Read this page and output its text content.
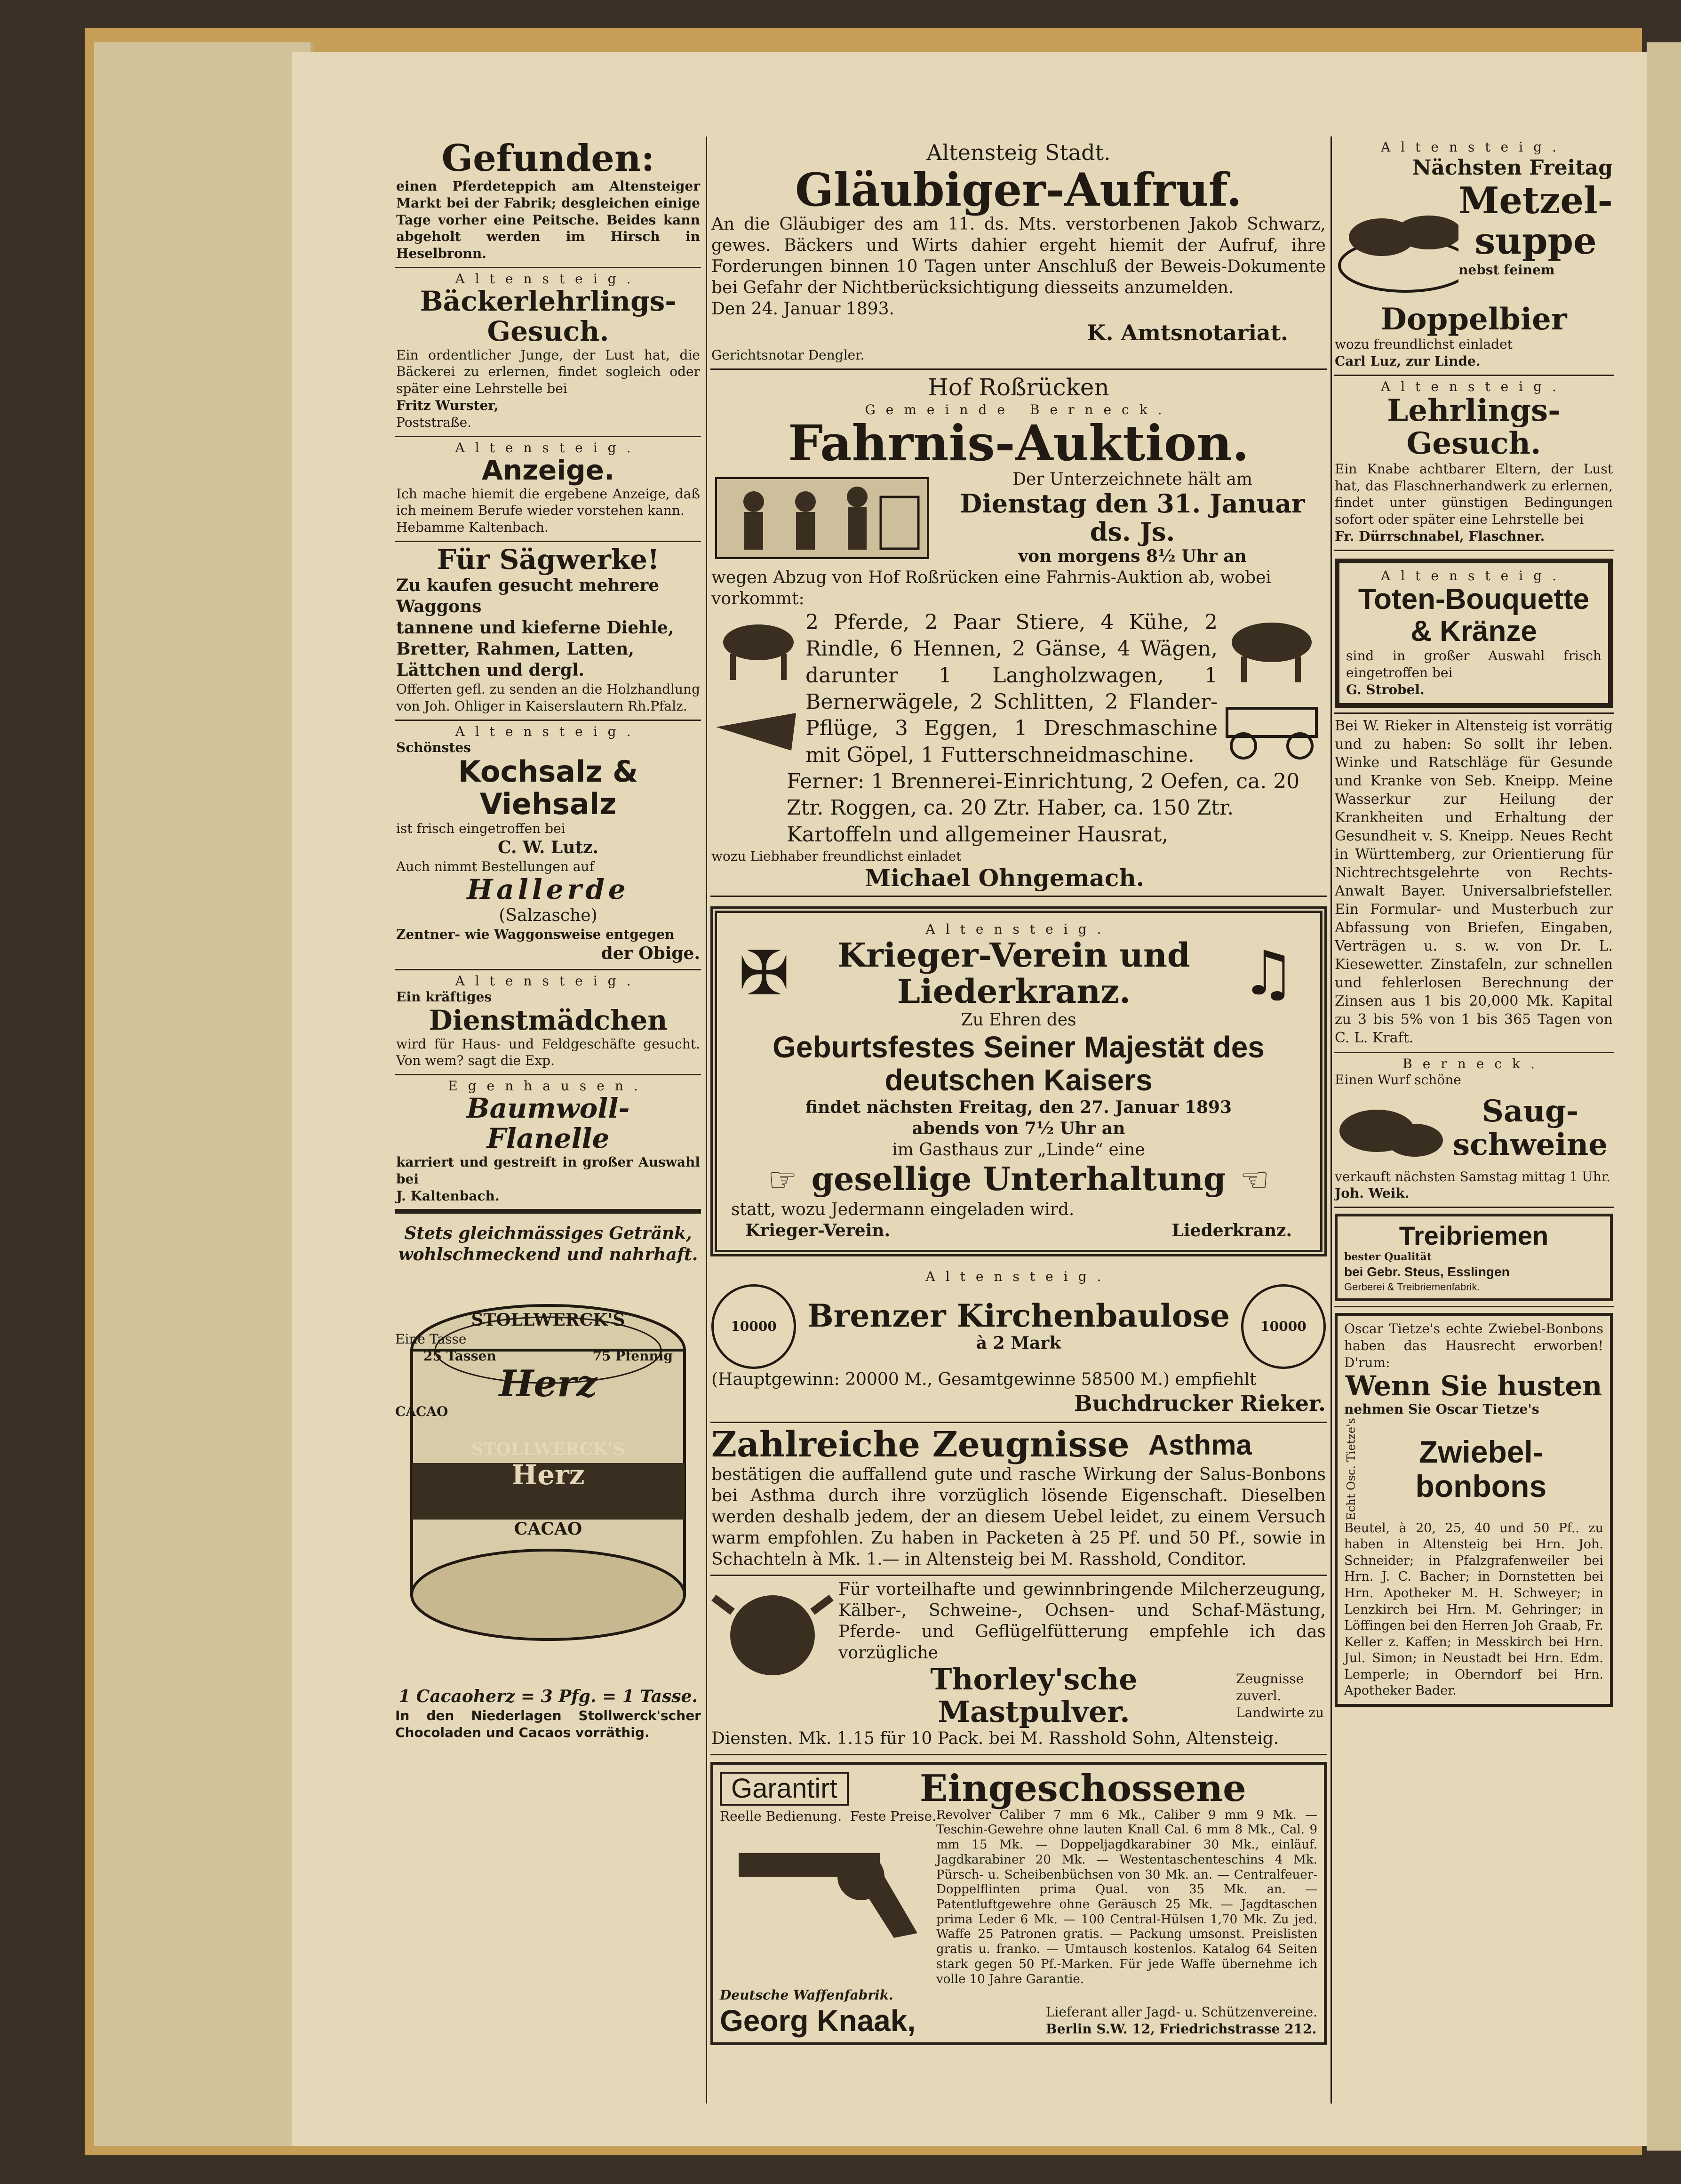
Gefunden:

einen Pferdeteppich am Altensteiger Markt bei der Fabrik; desgleichen einige Tage vorher eine Peitsche. Beides kann abgeholt werden im Hirsch in Heselbronn.

Altensteig.
Bäckerlehrlings-Gesuch.

Ein ordentlicher Junge, der Lust hat, die Bäckerei zu erlernen, findet sogleich oder später eine Lehrstelle bei

Fritz Wurster,

Poststraße.

Altensteig.
Anzeige.

Ich mache hiemit die ergebene Anzeige, daß ich meinem Berufe wieder vorstehen kann.

Hebamme Kaltenbach.

Für Sägwerke!

Zu kaufen gesucht mehrere Waggons

tannene und kieferne Diehle, Bretter, Rahmen, Latten, Lättchen und dergl.

Offerten gefl. zu senden an die Holzhandlung von Joh. Ohliger in Kaiserslautern Rh.Pfalz.

Altensteig.

Schönstes

Kochsalz &
Viehsalz

ist frisch eingetroffen bei

C. W. Lutz.

Auch nimmt Bestellungen auf

Hallerde

(Salzasche)

Zentner- wie Waggonsweise entgegen

der Obige.

Altensteig.

Ein kräftiges

Dienstmädchen

wird für Haus- und Feldgeschäfte gesucht. Von wem? sagt die Exp.

Egenhausen.
Baumwoll-
Flanelle

karriert und gestreift in großer Auswahl bei

J. Kaltenbach.

Stets gleichmässiges Getränk, wohlschmeckend und nahrhaft.

STOLLWERCK'S

Eine Tasse

25 Tassen	75 Pfennig
Herz

CACAO

STOLLWERCK'S

Herz

CACAO

1 Cacaoherz = 3 Pfg. = 1 Tasse.

In den Niederlagen Stollwerck'scher Chocoladen und Cacaos vorräthig.

Altensteig Stadt.

Gläubiger-Aufruf.

An die Gläubiger des am 11. ds. Mts. verstorbenen Jakob Schwarz, gewes. Bäckers und Wirts dahier ergeht hiemit der Aufruf, ihre Forderungen binnen 10 Tagen unter Anschluß der Beweis-Dokumente bei Gefahr der Nichtberücksichtigung diesseits anzumelden.

Den 24. Januar 1893.

K. Amtsnotariat.

Gerichtsnotar Dengler.

Hof Roßrücken

Gemeinde Berneck.
Fahrnis-Auktion.

Der Unterzeichnete hält am

Dienstag den 31. Januar ds. Js.

von morgens 8½ Uhr an

wegen Abzug von Hof Roßrücken eine Fahrnis-Auktion ab, wobei vorkommt:

2 Pferde, 2 Paar Stiere, 4 Kühe, 2 Rindle, 6 Hennen, 2 Gänse, 4 Wägen, darunter 1 Langholzwagen, 1 Bernerwägele, 2 Schlitten, 2 Flander-Pflüge, 3 Eggen, 1 Dreschmaschine mit Göpel, 1 Futterschneidmaschine.

Ferner: 1 Brennerei-Einrichtung, 2 Oefen, ca. 20 Ztr. Roggen, ca. 20 Ztr. Haber, ca. 150 Ztr. Kartoffeln und allgemeiner Hausrat,

wozu Liebhaber freundlichst einladet

Michael Ohngemach.

Altensteig.
✠	Krieger-Verein und
Liederkranz.	♫

Zu Ehren des

Geburtsfestes Seiner Majestät des
deutschen Kaisers

findet nächsten Freitag, den 27. Januar 1893

abends von 7½ Uhr an

im Gasthaus zur „Linde“ eine

☞ gesellige Unterhaltung ☜

statt, wozu Jedermann eingeladen wird.

Krieger-Verein.	Liederkranz.
Altensteig.
10000 Brenzer Kirchenbaulose

à 2 Mark

10000

(Hauptgewinn: 20000 M., Gesamtgewinne 58500 M.) empfiehlt

Buchdrucker Rieker.

Zahlreiche Zeugnisse Asthma

bestätigen die auffallend gute und rasche Wirkung der Salus-Bonbons bei Asthma durch ihre vorzüglich lösende Eigenschaft. Dieselben werden deshalb jedem, der an diesem Uebel leidet, zu einem Versuch warm empfohlen. Zu haben in Packeten à 25 Pf. und 50 Pf., sowie in Schachteln à Mk. 1.— in Altensteig bei M. Rasshold, Conditor.

Für vorteilhafte und gewinnbringende Milcherzeugung, Kälber-, Schweine-, Ochsen- und Schaf-Mästung, Pferde- und Geflügelfütterung empfehle ich das vorzügliche

Thorley'sche Mastpulver.

Zeugnisse zuverl. Landwirte zu

Diensten. Mk. 1.15 für 10 Pack. bei M. Rasshold Sohn, Altensteig.

Garantirt	Eingeschossene
Reelle Bedienung. Feste Preise. Revolver Caliber 7 mm 6 Mk., Caliber 9 mm 9 Mk. — Teschin-Gewehre ohne lauten Knall Cal. 6 mm 8 Mk., Cal. 9 mm 15 Mk. — Doppeljagdkarabiner 30 Mk., einläuf. Jagdkarabiner 20 Mk. — Westentaschenteschins 4 Mk. Pürsch- u. Scheibenbüchsen von 30 Mk. an. — Centralfeuer-Doppelflinten prima Qual. von 35 Mk. an. — Patentluftgewehre ohne Geräusch 25 Mk. — Jagdtaschen prima Leder 6 Mk. — 100 Central-Hülsen 1,70 Mk. Zu jed. Waffe 25 Patronen gratis. — Packung umsonst. Preislisten gratis u. franko. — Umtausch kostenlos. Katalog 64 Seiten stark gegen 50 Pf.-Marken. Für jede Waffe übernehme ich volle 10 Jahre Garantie.

Deutsche Waffenfabrik.

Georg Knaak,	Lieferant aller Jagd- u. Schützenvereine.

Berlin S.W. 12, Friedrichstrasse 212.

Altensteig.

Nächsten Freitag

Metzel-
suppe

nebst feinem

Doppelbier

wozu freundlichst einladet

Carl Luz, zur Linde.

Altensteig.
Lehrlings-Gesuch.

Ein Knabe achtbarer Eltern, der Lust hat, das Flaschnerhandwerk zu erlernen, findet unter günstigen Bedingungen sofort oder später eine Lehrstelle bei

Fr. Dürrschnabel, Flaschner.

Altensteig.
Toten-Bouquette
& Kränze

sind in großer Auswahl frisch eingetroffen bei

G. Strobel.

Bei W. Rieker in Altensteig ist vorrätig und zu haben: So sollt ihr leben. Winke und Ratschläge für Gesunde und Kranke von Seb. Kneipp. Meine Wasserkur zur Heilung der Krankheiten und Erhaltung der Gesundheit v. S. Kneipp. Neues Recht in Württemberg, zur Orientierung für Nichtrechtsgelehrte von Rechts-Anwalt Bayer. Universalbriefsteller. Ein Formular- und Musterbuch zur Abfassung von Briefen, Eingaben, Verträgen u. s. w. von Dr. L. Kiesewetter. Zinstafeln, zur schnellen und fehlerlosen Berechnung der Zinsen aus 1 bis 20,000 Mk. Kapital zu 3 bis 5% von 1 bis 365 Tagen von C. L. Kraft.

Berneck.

Einen Wurf schöne

Saug-
schweine

verkauft nächsten Samstag mittag 1 Uhr.

Joh. Weik.

Treibriemen

bester Qualität

bei Gebr. Steus, Esslingen

Gerberei & Treibriemenfabrik.

Oscar Tietze's echte Zwiebel-Bonbons haben das Hausrecht erworben! D'rum:

Wenn Sie husten

nehmen Sie Oscar Tietze's

Echt Osc. Tietze's	Zwiebel-
bonbons

Beutel, à 20, 25, 40 und 50 Pf.. zu haben in Altensteig bei Hrn. Joh. Schneider; in Pfalzgrafenweiler bei Hrn. J. C. Bacher; in Dornstetten bei Hrn. Apotheker M. H. Schweyer; in Lenzkirch bei Hrn. M. Gehringer; in Löffingen bei den Herren Joh Graab, Fr. Keller z. Kaffen; in Messkirch bei Hrn. Jul. Simon; in Neustadt bei Hrn. Edm. Lemperle; in Oberndorf bei Hrn. Apotheker Bader.
